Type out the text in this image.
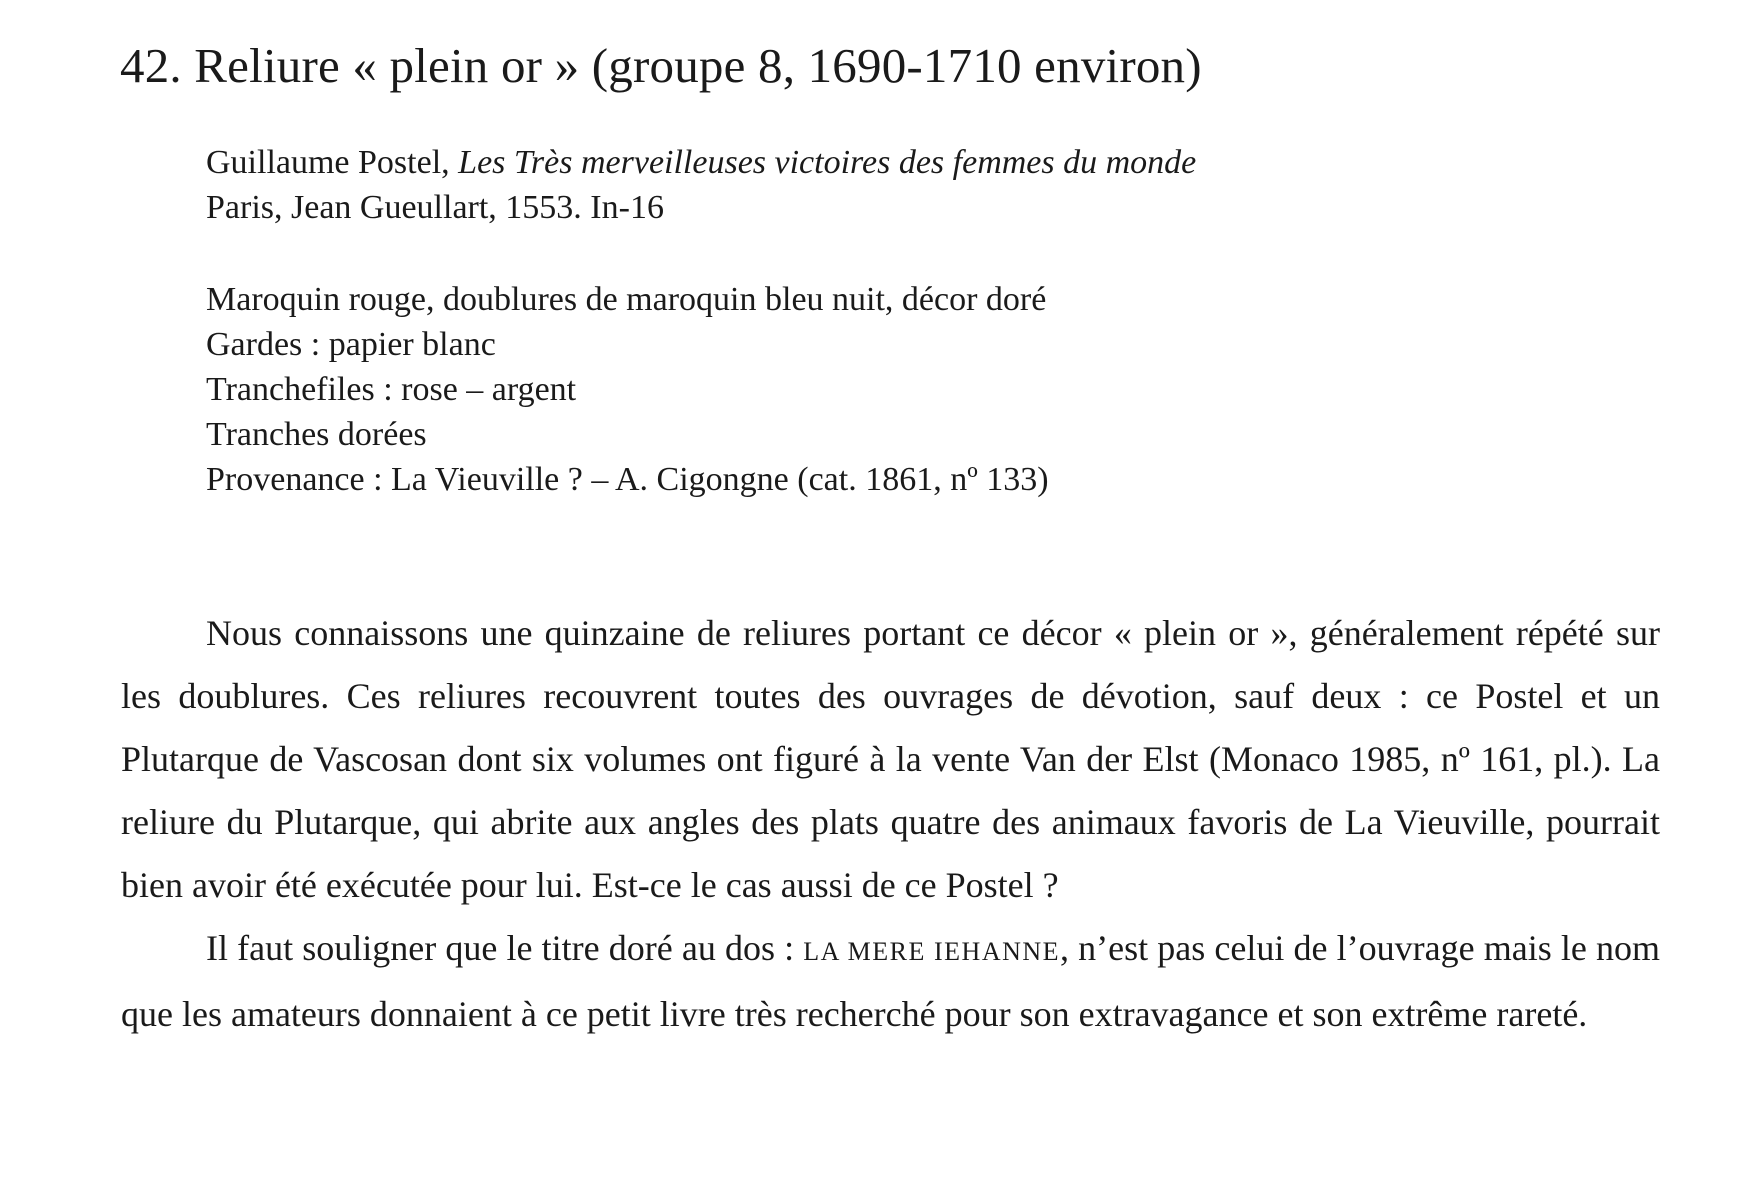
42. Reliure « plein or » (groupe 8, 1690-1710 environ)
Guillaume Postel, Les Très merveilleuses victoires des femmes du monde
Paris, Jean Gueullart, 1553. In-16
Maroquin rouge, doublures de maroquin bleu nuit, décor doré
Gardes : papier blanc
Tranchefiles : rose – argent
Tranches dorées
Provenance : La Vieuville ? – A. Cigongne (cat. 1861, nº 133)

Nous connaissons une quinzaine de reliures portant ce décor « plein or », généralement répété sur les doublures. Ces reliures recouvrent toutes des ouvrages de dévotion, sauf deux : ce Postel et un Plutarque de Vascosan dont six volumes ont figuré à la vente Van der Elst (Monaco 1985, nº 161, pl.). La reliure du Plutarque, qui abrite aux angles des plats quatre des animaux favoris de La Vieuville, pourrait bien avoir été exécutée pour lui. Est-ce le cas aussi de ce Postel ?

Il faut souligner que le titre doré au dos : LA MERE IEHANNE, n’est pas celui de l’ouvrage mais le nom que les amateurs donnaient à ce petit livre très recherché pour son extravagance et son extrême rareté.
